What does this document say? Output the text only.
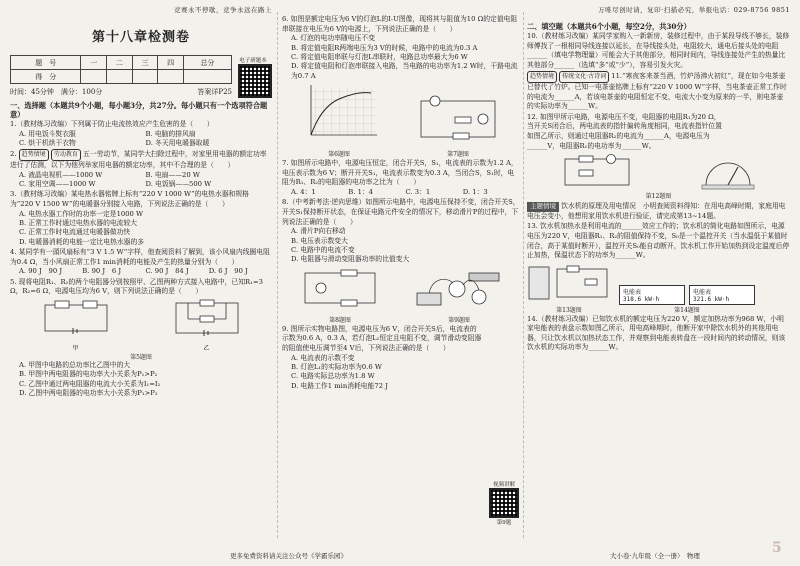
竞赛永不停歇，竞争永远在路上
第十八章检测卷
题　号	一	二	三	四	总分
得　分					
电子研题本
时间：45分钟　满分：100分	答案详P25
一、选择题（本题共9个小题，每小题3分，共27分。每小题只有一个选项符合题意）
1.（教材练习改编）下列属于防止电流热效应产生危害的是（　　）
A. 用电饭斗熨衣服	B. 电脑的排风扇
C. 烘干机烘干衣物	D. 冬天用电暖器取暖
2. 趋势情境 劳动教育 五一劳动节，某同学大扫除过程中，对家里用电器的额定功率进行了估测，以下为他列举家用电器的额定功率，其中不合理的是（　　）
A. 液晶电视机——1000 W	B. 电扇——20 W
C. 家用空调——1000 W	D. 电饭锅——500 W
3.（教材练习改编）某电热水器铭牌上标有“220 V 1000 W”的电热水器和规格为“220 V 1500 W”的电暖器分别接入电路，下列说法正确的是（　　）
A. 电热水器工作时的功率一定是1000 W
B. 正常工作时通过电热水器的电流较大
C. 正常工作时电流通过电暖器做功快
D. 电暖器消耗的电能一定比电热水器的多
4. 某同学有一頭风扇标有“3 V 1.5 W”字样，他查阅资料了解到，该小风扇内线圈电阻为0.4 Ω，当小风扇正常工作1 min消耗的电能及产生的热量分别为（　　）
A. 90 J　90 J	B. 90 J　6 J	C. 90 J　84 J	D. 6 J　90 J
5. 现将电阻R₁、R₂的两个电阻器分别按照甲、乙图两种方式接入电路中，已知R₁=3 Ω，R₂=6 Ω，电源电压均为6 V，则下列说法正确的是（　　）
甲	乙
第5题图
A. 甲图中电路的总功率比乙图中的大
B. 甲图中两电阻器的电功率大小关系为P₁>P₂
C. 乙图中通过两电阻器的电流大小关系为I₁=I₂
D. 乙图中两电阻器的电功率大小关系为P₁>P₂
6. 如图是额定电压为6 V的灯泡L的I-U图像，现将其与阻值为10 Ω的定值电阻串联接在电压为6 V的电源上，下列说法正确的是（　　）
A. 灯泡的电功率随电压不变
B. 将定值电阻R两端电压为3 V的时候，电路中的电流为0.3 A
C. 将定值电阻串联与灯泡L串联时，电路总功率最大为6 W
D. 将定值电阻和灯泡串联接入电路，当电路的电功率为1.2 W时，干路电流为0.7 A
第6题图	第7题图
7. 如图所示电路中，电源电压恒定，闭合开关S，S₁，电流表的示数为1.2 A，电压表示数为6 V；断开开关S₁，电流表示数变为0.3 A，当闭合S，S₁时，电阻为R₁、R₂的电阻器的电功率之比为（　　）
A. 4：1	B. 1：4	C. 3：1	D. 1：3
8.（中考新考法·逆向思维）如图所示电路中，电源电压保持不变，闭合开关S，开关S₁保持断开状态，在保证电路元件安全的情况下，移动滑片P的过程中，下列说法正确的是（　　）
A. 滑片P向右移动
B. 电压表示数变大
C. 电路中的电流不变
D. 电阻器与滑动变阻器功率的比值变大
第8题图	第9题图
9. 图所示实物电路图，电源电压为6 V，闭合开关S后，电流表的示数为0.6 A，0.3 A，若灯泡L₁恒定且电阻不变，调节滑动变阻器的阻值使电压调节至4 V后，下列说法正确的是（　　）
A. 电流表的示数不变
B. 灯泡L₁的实际功率为0.6 W
C. 电路实际总功率为1.8 W
D. 电路工作1 min消耗电能72 J
视频讲解
第9题
万唯尽创时请，复印·扫描必究，举报电话：029-8756 9851
二、填空题（本题共6个小题，每空2分，共30分）
10.（教材练习改编）某同学家购入一新新房，装修过程中，由于某段导线不够长，装修师傅找了一根相同导线连接以延长，在导线接头处，电阻较大，通电后接头处的电阻______（填电学物理量）可能会大于其他部分，相同时间内，导线连接处产生的热量比其他部分______（选填“多”或“少”），容易引发火灾。
趋势情境 传统文化·古诗词 11.“寒夜客来茶当酒，竹炉汤沸火初红”，现在如今电茶壶已替代了竹炉。已知一电茶壶铭牌上标有“220 V 1000 W”字样，当电茶壶正常工作时的电流为______A，若该电茶壶的电阻恒定不变，电流大小变为原来的一半，则电茶壶的实际功率为______W。
12. 如图甲所示电路，电源电压不变，电阻器的电阻R₁为20 Ω，当开关S闭合后，两电流表的指针偏转角度相同，电流表指针位置如图乙所示，则通过电阻器R₂的电流为______A，电源电压为______V，电阻器R₁的电功率为______W。
第12题图
主题情境 饮水机的原理及用电情况　小明查阅资料得知：在用电高峰时期，家庭用电电压会变小，他想用家用饮水机进行验证，请完成第13~14题。
13. 饮水机加热水是利用电流的______效应工作的；饮水机的简化电路如图所示，电源电压为220 V，电阻器R₁、R₂的阻值保持不变，S₀是一个温控开关（当水温低于某值时闭合，高于某值时断开），温控开关S₀能自动断开，饮水机工作开始加热到设定温度后停止加热，保温状态下的功率为______W。
第13题图
电能表
318.6 kW·h
电能表
321.6 kW·h
第14题图
14.（教材练习改编）已知饮水机的额定电压为220 V，额定加热功率为968 W，小明家电能表的表盘示数如图乙所示，用电高峰期时，他断开家中除饮水机外的其他用电器，只让饮水机以加热状态工作，并观察到电能表转盘在一段时间内的转动情况，则该饮水机的实际功率为______W。
更多免费资料请关注公众号《学霸乐园》	大小卷·九年级（全一册）　物理	5
